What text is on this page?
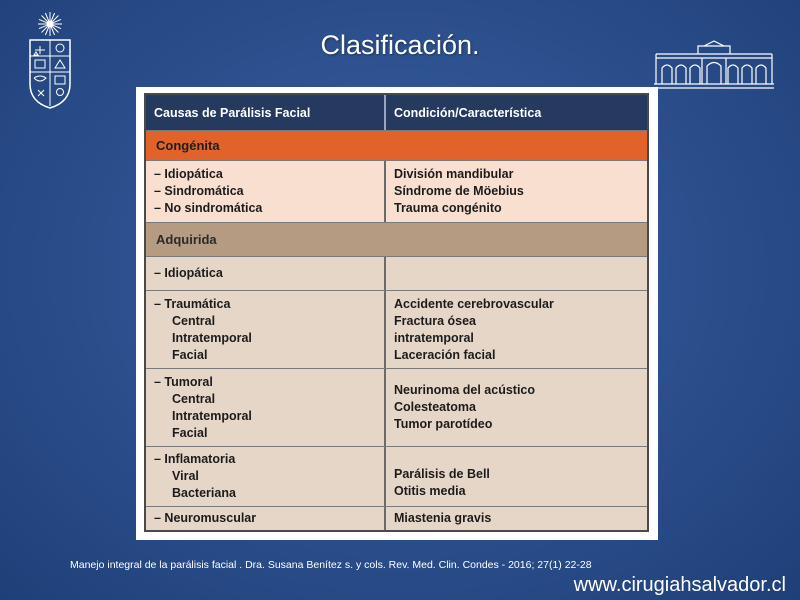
Clasificación.
Causas de Parálisis Facial	Condición/Característica
Congénita
– Idiopática
– Sindromática
– No sindromática
División mandibular
Síndrome de Möebius
Trauma congénito
Adquirida
– Idiopática
– Traumática
Central
Intratemporal
Facial
Accidente cerebrovascular
Fractura ósea
intratemporal
Laceración facial
– Tumoral
Central
Intratemporal
Facial
Neurinoma del acústico
Colesteatoma
Tumor parotídeo
– Inflamatoria
Viral
Bacteriana
Parálisis de Bell
Otitis media
– Neuromuscular	Miastenia gravis
Manejo integral de la parálisis facial . Dra. Susana Benítez s. y cols. Rev. Med. Clin. Condes - 2016; 27(1) 22-28
www.cirugiahsalvador.cl
